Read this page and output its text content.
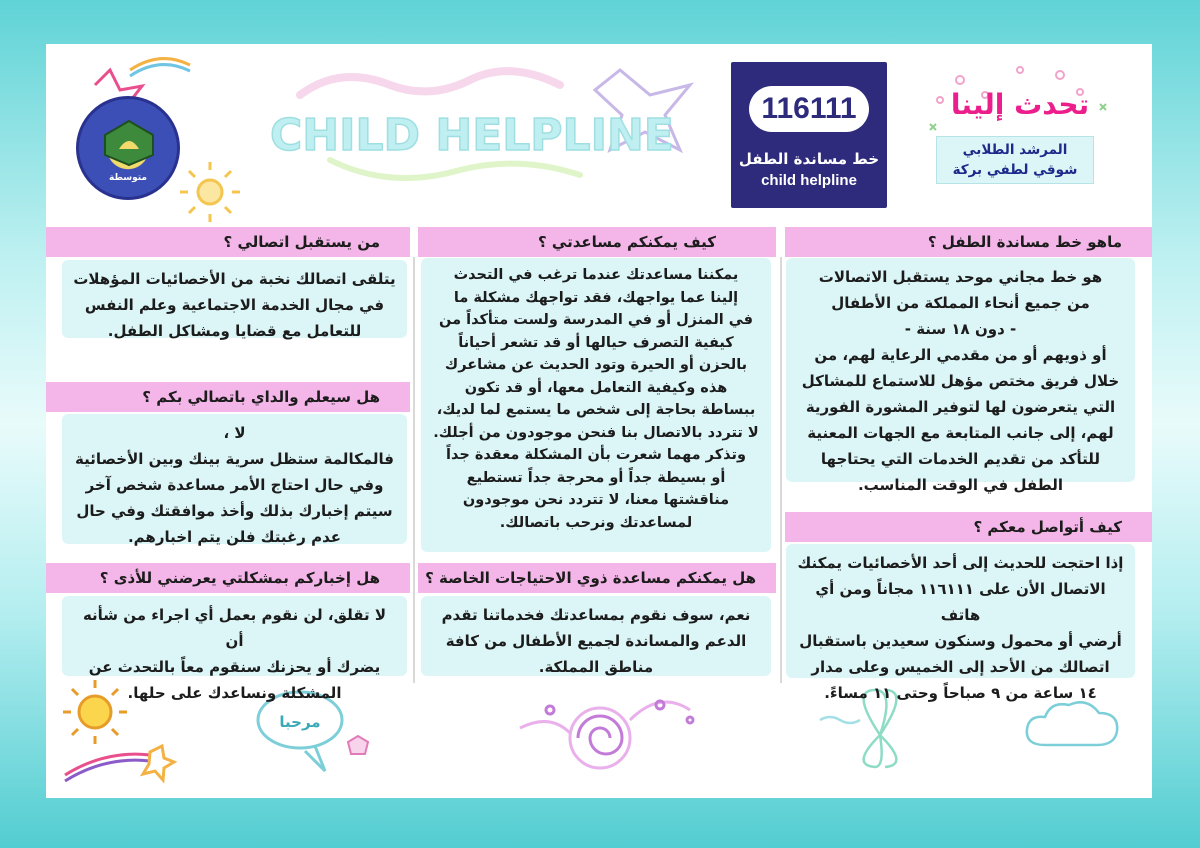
CHILD HELPLINE
مرحبا
تحدث إلينا
المرشد الطلابي
شوقي لطفي بركة
116111
خط مساندة الطفل
child helpline
متوسطة
من يستقبل اتصالي ؟	كيف يمكنكم مساعدتي ؟	ماهو خط مساندة الطفل ؟
هو خط مجاني موحد يستقبل الاتصالات
من جميع أنحاء المملكة من الأطفال
- دون ١٨ سنة -
أو ذويهم أو من مقدمي الرعاية لهم، من
خلال فريق مختص مؤهل للاستماع للمشاكل
التي يتعرضون لها لتوفير المشورة الفورية
لهم، إلى جانب المتابعة مع الجهات المعنية
للتأكد من تقديم الخدمات التي يحتاجها
الطفل في الوقت المناسب.
كيف أتواصل معكم ؟
إذا احتجت للحديث إلى أحد الأخصائيات يمكنك
الاتصال الأن على ١١٦١١١ مجاناً ومن أي هاتف
أرضي أو محمول وسنكون سعيدين باستقبال
اتصالك من الأحد إلى الخميس وعلى مدار
١٤ ساعة من ٩ صباحاً وحتى ١١ مساءً.
يمكننا مساعدتك عندما ترغب في التحدث
إلينا عما يواجهك، فقد تواجهك مشكلة ما
في المنزل أو في المدرسة ولست متأكداً من
كيفية التصرف حيالها أو قد تشعر أحياناً
بالحزن أو الحيرة وتود الحديث عن مشاعرك
هذه وكيفية التعامل معها، أو قد تكون
ببساطة بحاجة إلى شخص ما يستمع لما لديك،
لا تتردد بالاتصال بنا فنحن موجودون من أجلك.
وتذكر مهما شعرت بأن المشكلة معقدة جداً
أو بسيطة جداً أو محرجة جداً تستطيع
مناقشتها معنا، لا تتردد نحن موجودون
لمساعدتك ونرحب باتصالك.
هل يمكنكم مساعدة ذوي الاحتياجات الخاصة ؟
نعم، سوف نقوم بمساعدتك فخدماتنا تقدم
الدعم والمساندة لجميع الأطفال من كافة
مناطق المملكة.
يتلقى اتصالك نخبة من الأخصائيات المؤهلات
في مجال الخدمة الاجتماعية وعلم النفس
للتعامل مع قضايا ومشاكل الطفل.
هل سيعلم والداي باتصالي بكم ؟
لا ،
فالمكالمة ستظل سرية بينك وبين الأخصائية
وفي حال احتاج الأمر مساعدة شخص آخر
سيتم إخبارك بذلك وأخذ موافقتك وفي حال
عدم رغبتك فلن يتم اخبارهم.
هل إخباركم بمشكلتي يعرضني للأذى ؟
لا تقلق، لن نقوم بعمل أي اجراء من شأنه أن
يضرك أو يحزنك سنقوم معاً بالتحدث عن
المشكلة ونساعدك على حلها.
